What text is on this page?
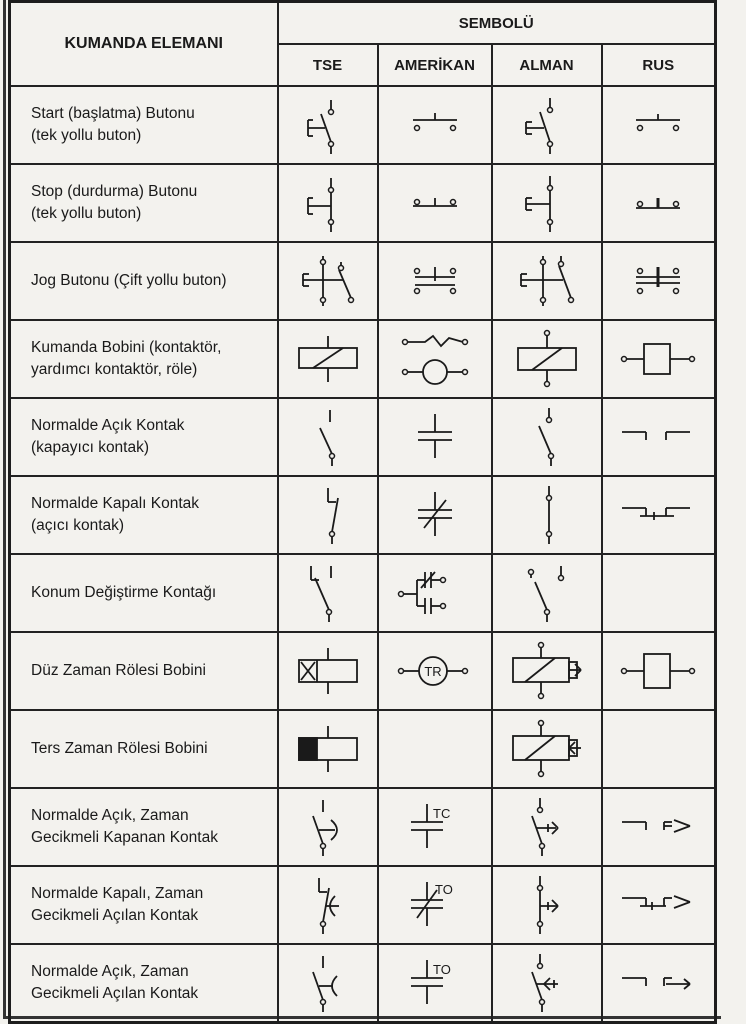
KUMANDA ELEMANI	SEMBOLÜ			
	TSE	AMERİKAN	ALMAN	RUS

Start (başlatma) Butonu
(tek yollu buton)

Stop (durdurma) Butonu
(tek yollu buton)

Jog Butonu (Çift yollu buton)

Kumanda Bobini (kontaktör,
yardımcı kontaktör, röle)

Normalde Açık Kontak
(kapayıcı kontak)

Normalde Kapalı Kontak
(açıcı kontak)

Konum Değiştirme Kontağı

Düz Zaman Rölesi Bobini		TR

Ters Zaman Rölesi Bobini

Normalde Açık, Zaman
Gecikmeli Kapanan Kontak		TC

Normalde Kapalı, Zaman
Gecikmeli Açılan Kontak		TO

Normalde Açık, Zaman
Gecikmeli Açılan Kontak		TO
